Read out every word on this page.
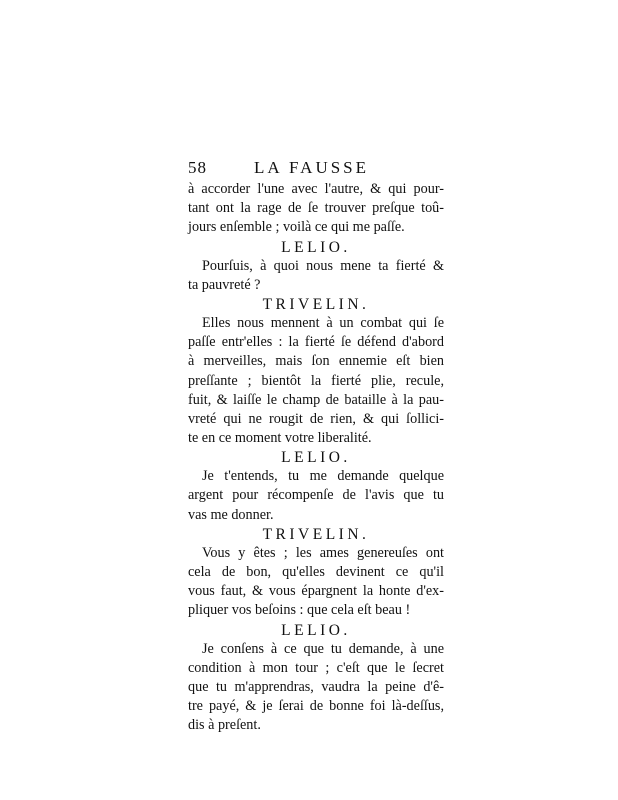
58	LA FAUSSE
à accorder l'une avec l'autre, & qui pour-
tant ont la rage de ſe trouver preſque toû-
jours enſemble ; voilà ce qui me paſſe.
LELIO.
Pourſuis, à quoi nous mene ta fierté &
ta pauvreté ?
TRIVELIN.
Elles nous mennent à un combat qui ſe
paſſe entr'elles : la fierté ſe défend d'abord
à merveilles, mais ſon ennemie eſt bien
preſſante ; bientôt la fierté plie, recule,
fuit, & laiſſe le champ de bataille à la pau-
vreté qui ne rougit de rien, & qui ſollici-
te en ce moment votre liberalité.
LELIO.
Je t'entends, tu me demande quelque
argent pour récompenſe de l'avis que tu
vas me donner.
TRIVELIN.
Vous y êtes ; les ames genereuſes ont
cela de bon, qu'elles devinent ce qu'il
vous faut, & vous épargnent la honte d'ex-
pliquer vos beſoins : que cela eſt beau !
LELIO.
Je conſens à ce que tu demande, à une
condition à mon tour ; c'eſt que le ſecret
que tu m'apprendras, vaudra la peine d'ê-
tre payé, & je ſerai de bonne foi là-deſſus,
dis à preſent.
